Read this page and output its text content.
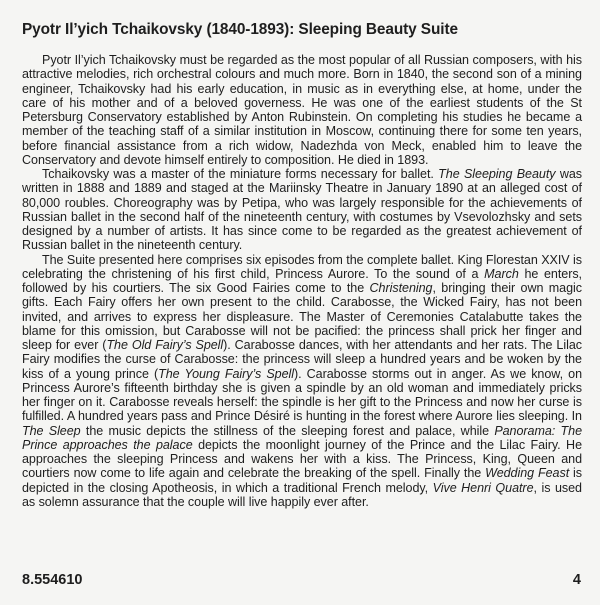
Pyotr Il’yich Tchaikovsky (1840-1893): Sleeping Beauty Suite

Pyotr Il’yich Tchaikovsky must be regarded as the most popular of all Russian composers, with his attractive melodies, rich orchestral colours and much more. Born in 1840, the second son of a mining engineer, Tchaikovsky had his early education, in music as in everything else, at home, under the care of his mother and of a beloved governess. He was one of the earliest students of the St Petersburg Conservatory established by Anton Rubinstein. On completing his studies he became a member of the teaching staff of a similar institution in Moscow, continuing there for some ten years, before financial assistance from a rich widow, Nadezhda von Meck, enabled him to leave the Conservatory and devote himself entirely to composition. He died in 1893.

Tchaikovsky was a master of the miniature forms necessary for ballet. The Sleeping Beauty was written in 1888 and 1889 and staged at the Mariinsky Theatre in January 1890 at an alleged cost of 80,000 roubles. Choreography was by Petipa, who was largely responsible for the achievements of Russian ballet in the second half of the nineteenth century, with costumes by Vsevolozhsky and sets designed by a number of artists. It has since come to be regarded as the greatest achievement of Russian ballet in the nineteenth century.

The Suite presented here comprises six episodes from the complete ballet. King Florestan XXIV is celebrating the christening of his first child, Princess Aurore. To the sound of a March he enters, followed by his courtiers. The six Good Fairies come to the Christening, bringing their own magic gifts. Each Fairy offers her own present to the child. Carabosse, the Wicked Fairy, has not been invited, and arrives to express her displeasure. The Master of Ceremonies Catalabutte takes the blame for this omission, but Carabosse will not be pacified: the princess shall prick her finger and sleep for ever (The Old Fairy’s Spell). Carabosse dances, with her attendants and her rats. The Lilac Fairy modifies the curse of Carabosse: the princess will sleep a hundred years and be woken by the kiss of a young prince (The Young Fairy’s Spell). Carabosse storms out in anger. As we know, on Princess Aurore’s fifteenth birthday she is given a spindle by an old woman and immediately pricks her finger on it. Carabosse reveals herself: the spindle is her gift to the Princess and now her curse is fulfilled. A hundred years pass and Prince Désiré is hunting in the forest where Aurore lies sleeping. In The Sleep the music depicts the stillness of the sleeping forest and palace, while Panorama: The Prince approaches the palace depicts the moonlight journey of the Prince and the Lilac Fairy. He approaches the sleeping Princess and wakens her with a kiss. The Princess, King, Queen and courtiers now come to life again and celebrate the breaking of the spell. Finally the Wedding Feast is depicted in the closing Apotheosis, in which a traditional French melody, Vive Henri Quatre, is used as solemn assurance that the couple will live happily ever after.

8.554610	4
